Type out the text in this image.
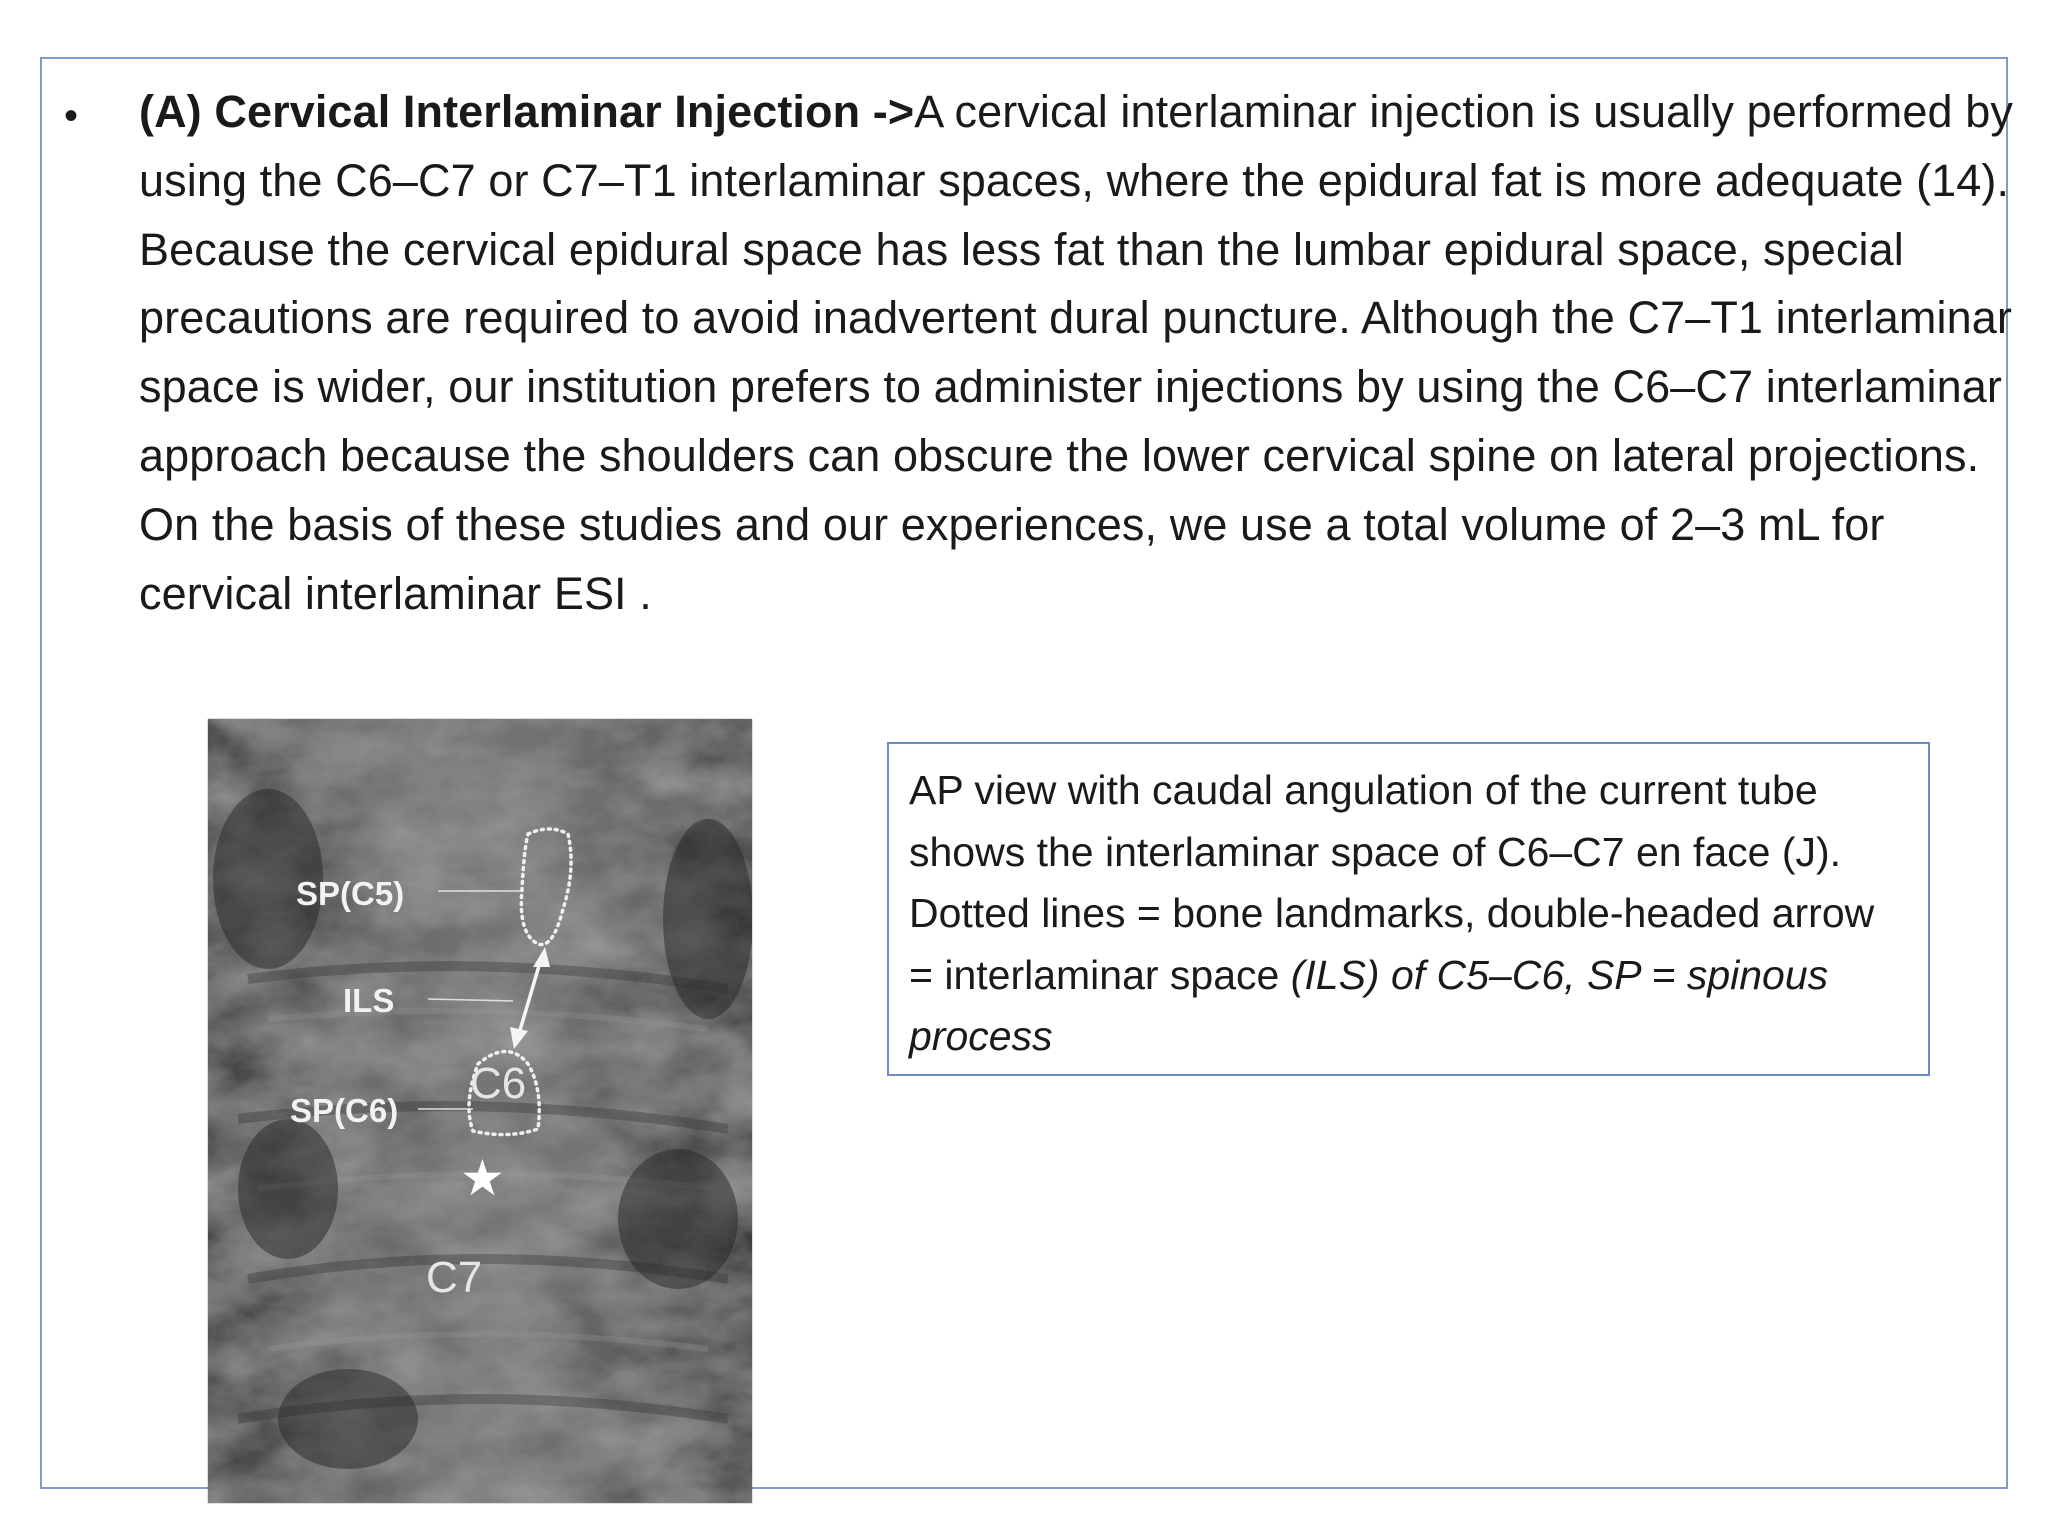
• (A) Cervical Interlaminar Injection ->A cervical interlaminar injection is usually performed by using the C6–C7 or C7–T1 interlaminar spaces, where the epidural fat is more adequate (14). Because the cervical epidural space has less fat than the lumbar epidural space, special precautions are required to avoid inadvertent dural puncture. Although the C7–T1 interlaminar space is wider, our institution prefers to administer injections by using the C6–C7 interlaminar approach because the shoulders can obscure the lower cervical spine on lateral projections. On the basis of these studies and our experiences, we use a total volume of 2–3 mL for cervical interlaminar ESI .
SP(C5)
ILS
SP(C6)
C6
C7
★
AP view with caudal angulation of the current tube shows the interlaminar space of C6–C7 en face (J). Dotted lines = bone landmarks, double-headed arrow = interlaminar space (ILS) of C5–C6, SP = spinous process
